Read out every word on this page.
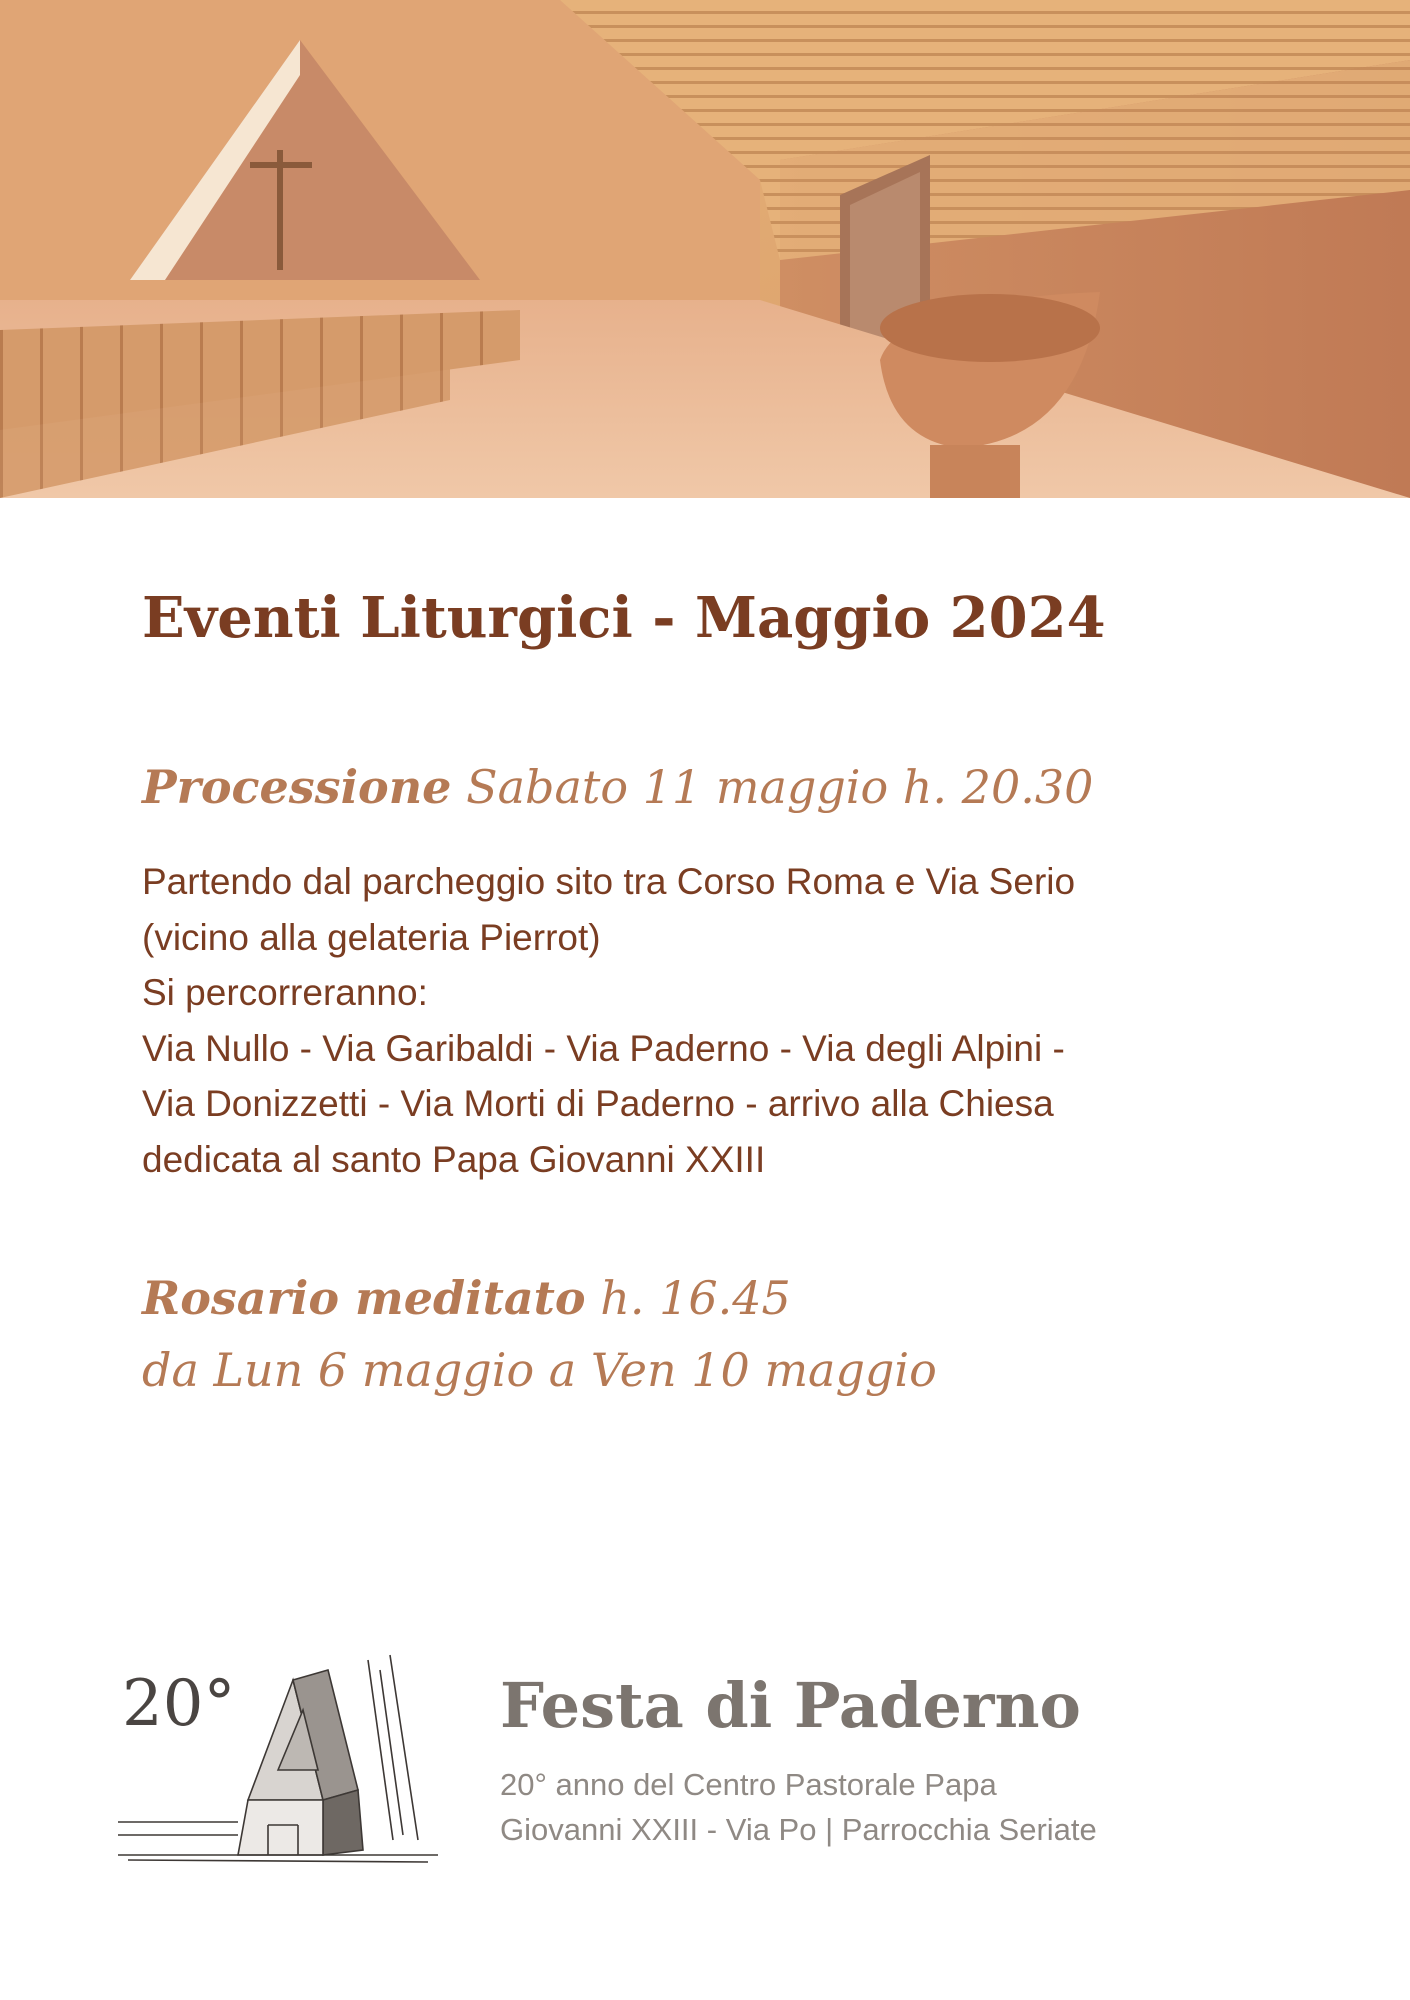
Eventi Liturgici - Maggio 2024
Processione Sabato 11 maggio h. 20.30
Partendo dal parcheggio sito tra Corso Roma e Via Serio
(vicino alla gelateria Pierrot)
Si percorreranno:
Via Nullo - Via Garibaldi - Via Paderno - Via degli Alpini -
Via Donizzetti - Via Morti di Paderno - arrivo alla Chiesa
dedicata al santo Papa Giovanni XXIII
Rosario meditato h. 16.45
da Lun 6 maggio a Ven 10 maggio
20°	Festa di Paderno
20° anno del Centro Pastorale Papa
Giovanni XXIII - Via Po | Parrocchia Seriate
